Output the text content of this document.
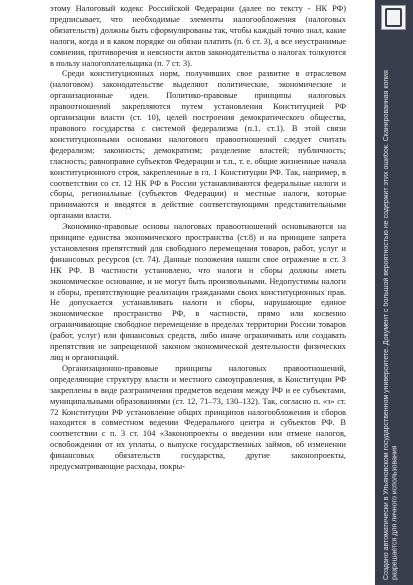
этому Налоговый кодекс Российской Федерации (далее по тексту - НК РФ) предписывает, что необходимые элементы налогообложения (налоговых обязательств) должны быть сформулированы так, чтобы каждый точно знал, какие налоги, когда и в каком порядке он обязан платить (п. 6 ст. 3), а все неустранимые сомнения, противоречия и неясности актов законодательства о налогах толкуются в пользу налогоплательщика (п. 7 ст. 3).

Среди конституционных норм, получивших свое развитие в отраслевом (налоговом) законодательстве выделяют политические, экономические и организационные идеи. Политико-правовые принципы налоговых правоотношений закрепляются путем установления Конституцией РФ организации власти (ст. 10), целей построения демократического общества, правового государства с системой федерализма (п.1. ст.1). В этой связи конституционными основами налогового правоотношений следует считать федерализм; законность; демократизм; разделение властей; публичность; гласность; равноправие субъектов Федерации и т.п., т. е. общие жизненные начала конституционного строя, закрепленные в гл. 1 Конституции РФ. Так, например, в соответствии со ст. 12 НК РФ в России устанавливаются федеральные налоги и сборы, региональные (субъектов Федерации) и местные налоги, которые принимаются и вводятся в действие соответствующими представительными органами власти.

Экономико-правовые основы налоговых правоотношений основываются на принципе единства экономического пространства (ст.8) и на принципе запрета установления препятствий для свободного перемещения товаров, работ, услуг и финансовых ресурсов (ст. 74). Данные положения нашли свое отражение в ст. 3 НК РФ. В частности установлено, что налоги и сборы должны иметь экономическое основание, и не могут быть произвольными. Недопустимы налоги и сборы, препятствующие реализации гражданами своих конституционных прав. Не допускается устанавливать налоги и сборы, нарушающие единое экономическое пространство РФ, в частности, прямо или косвенно ограничивающие свободное перемещение в пределах территории России товаров (работ, услуг) или финансовых средств, либо иначе ограничивать или создавать препятствия не запрещенной законом экономической деятельности физических лиц и организаций.

Организационно-правовые принципы налоговых правоотношений, определяющие структуру власти и местного самоуправления, в Конституции РФ закреплены в виде разграничения предметов ведения между РФ и ее субъектами, муниципальными образованиями (ст. 12, 71–73, 130–132). Так, согласно п. «з» ст. 72 Конституции РФ установление общих принципов налогообложения и сборов находится в совместном ведении Федерального центра и субъектов РФ. В соответствии с п. 3 ст. 104 «Законопроекты о введении или отмене налогов, освобождении от их уплаты, о выпуске государственных займов, об изменении финансовых обязательств государства, другие законопроекты, предусматривающие расходы, покры-	Создано автоматически в Ульяновском государственном университете. Документ с большой вероятностью не содержит этих ошибок. Сканированная копия разрешается для личного использования
